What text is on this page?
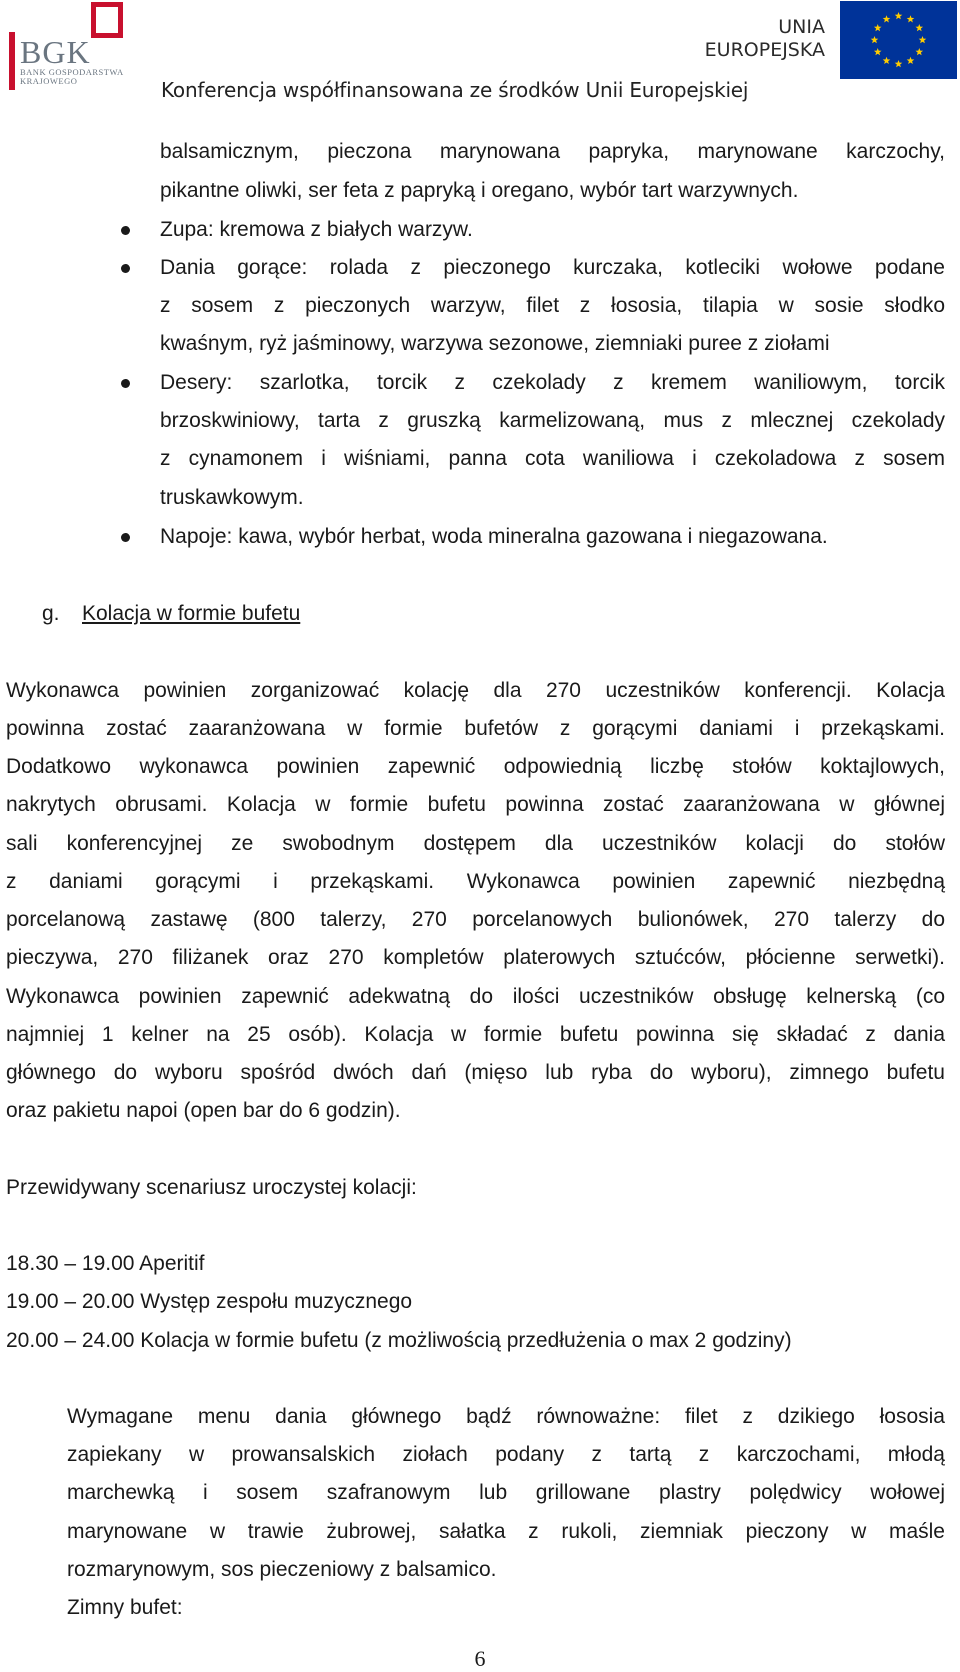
BGK
BANK GOSPODARSTWA
KRAJOWEGO
UNIA
EUROPEJSKA
Konferencja współfinansowana ze środków Unii Europejskiej
balsamicznym, pieczona marynowana papryka, marynowane karczochy,
pikantne oliwki, ser feta z papryką i oregano, wybór tart warzywnych.
Zupa: kremowa z białych warzyw.
Dania gorące: rolada z pieczonego kurczaka, kotleciki wołowe podane
z sosem z pieczonych warzyw, filet z łososia, tilapia w sosie słodko
kwaśnym, ryż jaśminowy, warzywa sezonowe, ziemniaki puree z ziołami
Desery: szarlotka, torcik z czekolady z kremem waniliowym, torcik
brzoskwiniowy, tarta z gruszką karmelizowaną, mus z mlecznej czekolady
z cynamonem i wiśniami, panna cota waniliowa i czekoladowa z sosem
truskawkowym.
Napoje: kawa, wybór herbat, woda mineralna gazowana i niegazowana.
g. Kolacja w formie bufetu
Wykonawca powinien zorganizować kolację dla 270 uczestników konferencji. Kolacja
powinna zostać zaaranżowana w formie bufetów z gorącymi daniami i przekąskami.
Dodatkowo wykonawca powinien zapewnić odpowiednią liczbę stołów koktajlowych,
nakrytych obrusami. Kolacja w formie bufetu powinna zostać zaaranżowana w głównej
sali konferencyjnej ze swobodnym dostępem dla uczestników kolacji do stołów
z daniami gorącymi i przekąskami. Wykonawca powinien zapewnić niezbędną
porcelanową zastawę (800 talerzy, 270 porcelanowych bulionówek, 270 talerzy do
pieczywa, 270 filiżanek oraz 270 kompletów platerowych sztućców, płócienne serwetki).
Wykonawca powinien zapewnić adekwatną do ilości uczestników obsługę kelnerską (co
najmniej 1 kelner na 25 osób). Kolacja w formie bufetu powinna się składać z dania
głównego do wyboru spośród dwóch dań (mięso lub ryba do wyboru), zimnego bufetu
oraz pakietu napoi (open bar do 6 godzin).
Przewidywany scenariusz uroczystej kolacji:
18.30 – 19.00 Aperitif
19.00 – 20.00 Występ zespołu muzycznego
20.00 – 24.00 Kolacja w formie bufetu (z możliwością przedłużenia o max 2 godziny)
Wymagane menu dania głównego bądź równoważne: filet z dzikiego łososia
zapiekany w prowansalskich ziołach podany z tartą z karczochami, młodą
marchewką i sosem szafranowym lub grillowane plastry polędwicy wołowej
marynowane w trawie żubrowej, sałatka z rukoli, ziemniak pieczony w maśle
rozmarynowym, sos pieczeniowy z balsamico.
Zimny bufet:
6
